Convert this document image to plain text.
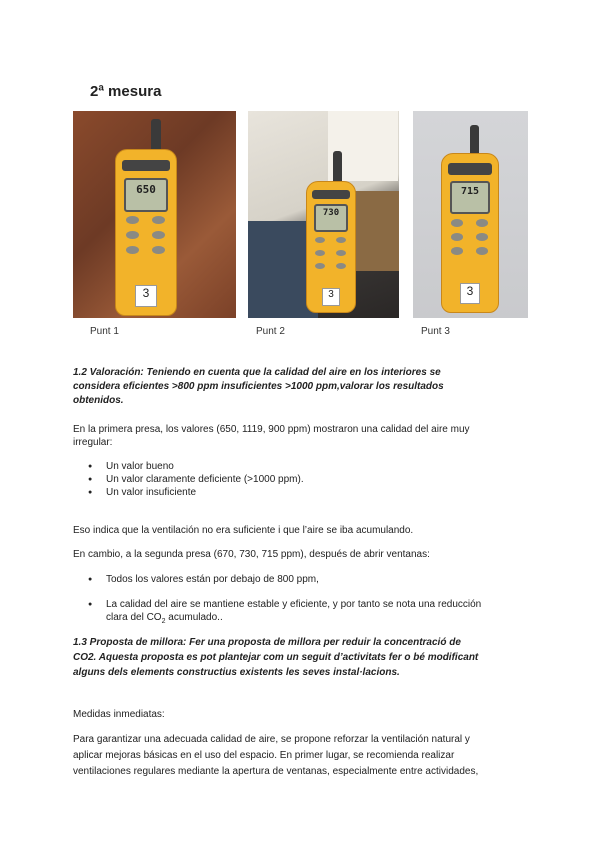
2ª mesura
650
3
Punt 1
730
3
Punt 2
715
3
Punt 3
1.2 Valoración: Teniendo en cuenta que la calidad del aire en los interiores se
considera eficientes >800 ppm insuficientes >1000 ppm,valorar los resultados
obtenidos.
En la primera presa, los valores (650, 1119, 900 ppm) mostraron una calidad del aire muy
irregular:
● Un valor bueno
● Un valor claramente deficiente (>1000 ppm).
● Un valor insuficiente
Eso indica que la ventilación no era suficiente i que l’aire se iba acumulando.
En cambio, a la segunda presa (670, 730, 715 ppm), después de abrir ventanas:
● Todos los valores están por debajo de 800 ppm,
● La calidad del aire se mantiene estable y eficiente, y por tanto se nota una reducción
clara del $CO_2$ acumulado..
1.3 Proposta de millora: Fer una proposta de millora per reduir la concentració de
CO2. Aquesta proposta es pot plantejar com un seguit d’activitats fer o bé modificant
alguns dels elements constructius existents les seves instal·lacions.
Medidas inmediatas:
Para garantizar una adecuada calidad de aire, se propone reforzar la ventilación natural y
aplicar mejoras básicas en el uso del espacio. En primer lugar, se recomienda realizar
ventilaciones regulares mediante la apertura de ventanas, especialmente entre actividades,
